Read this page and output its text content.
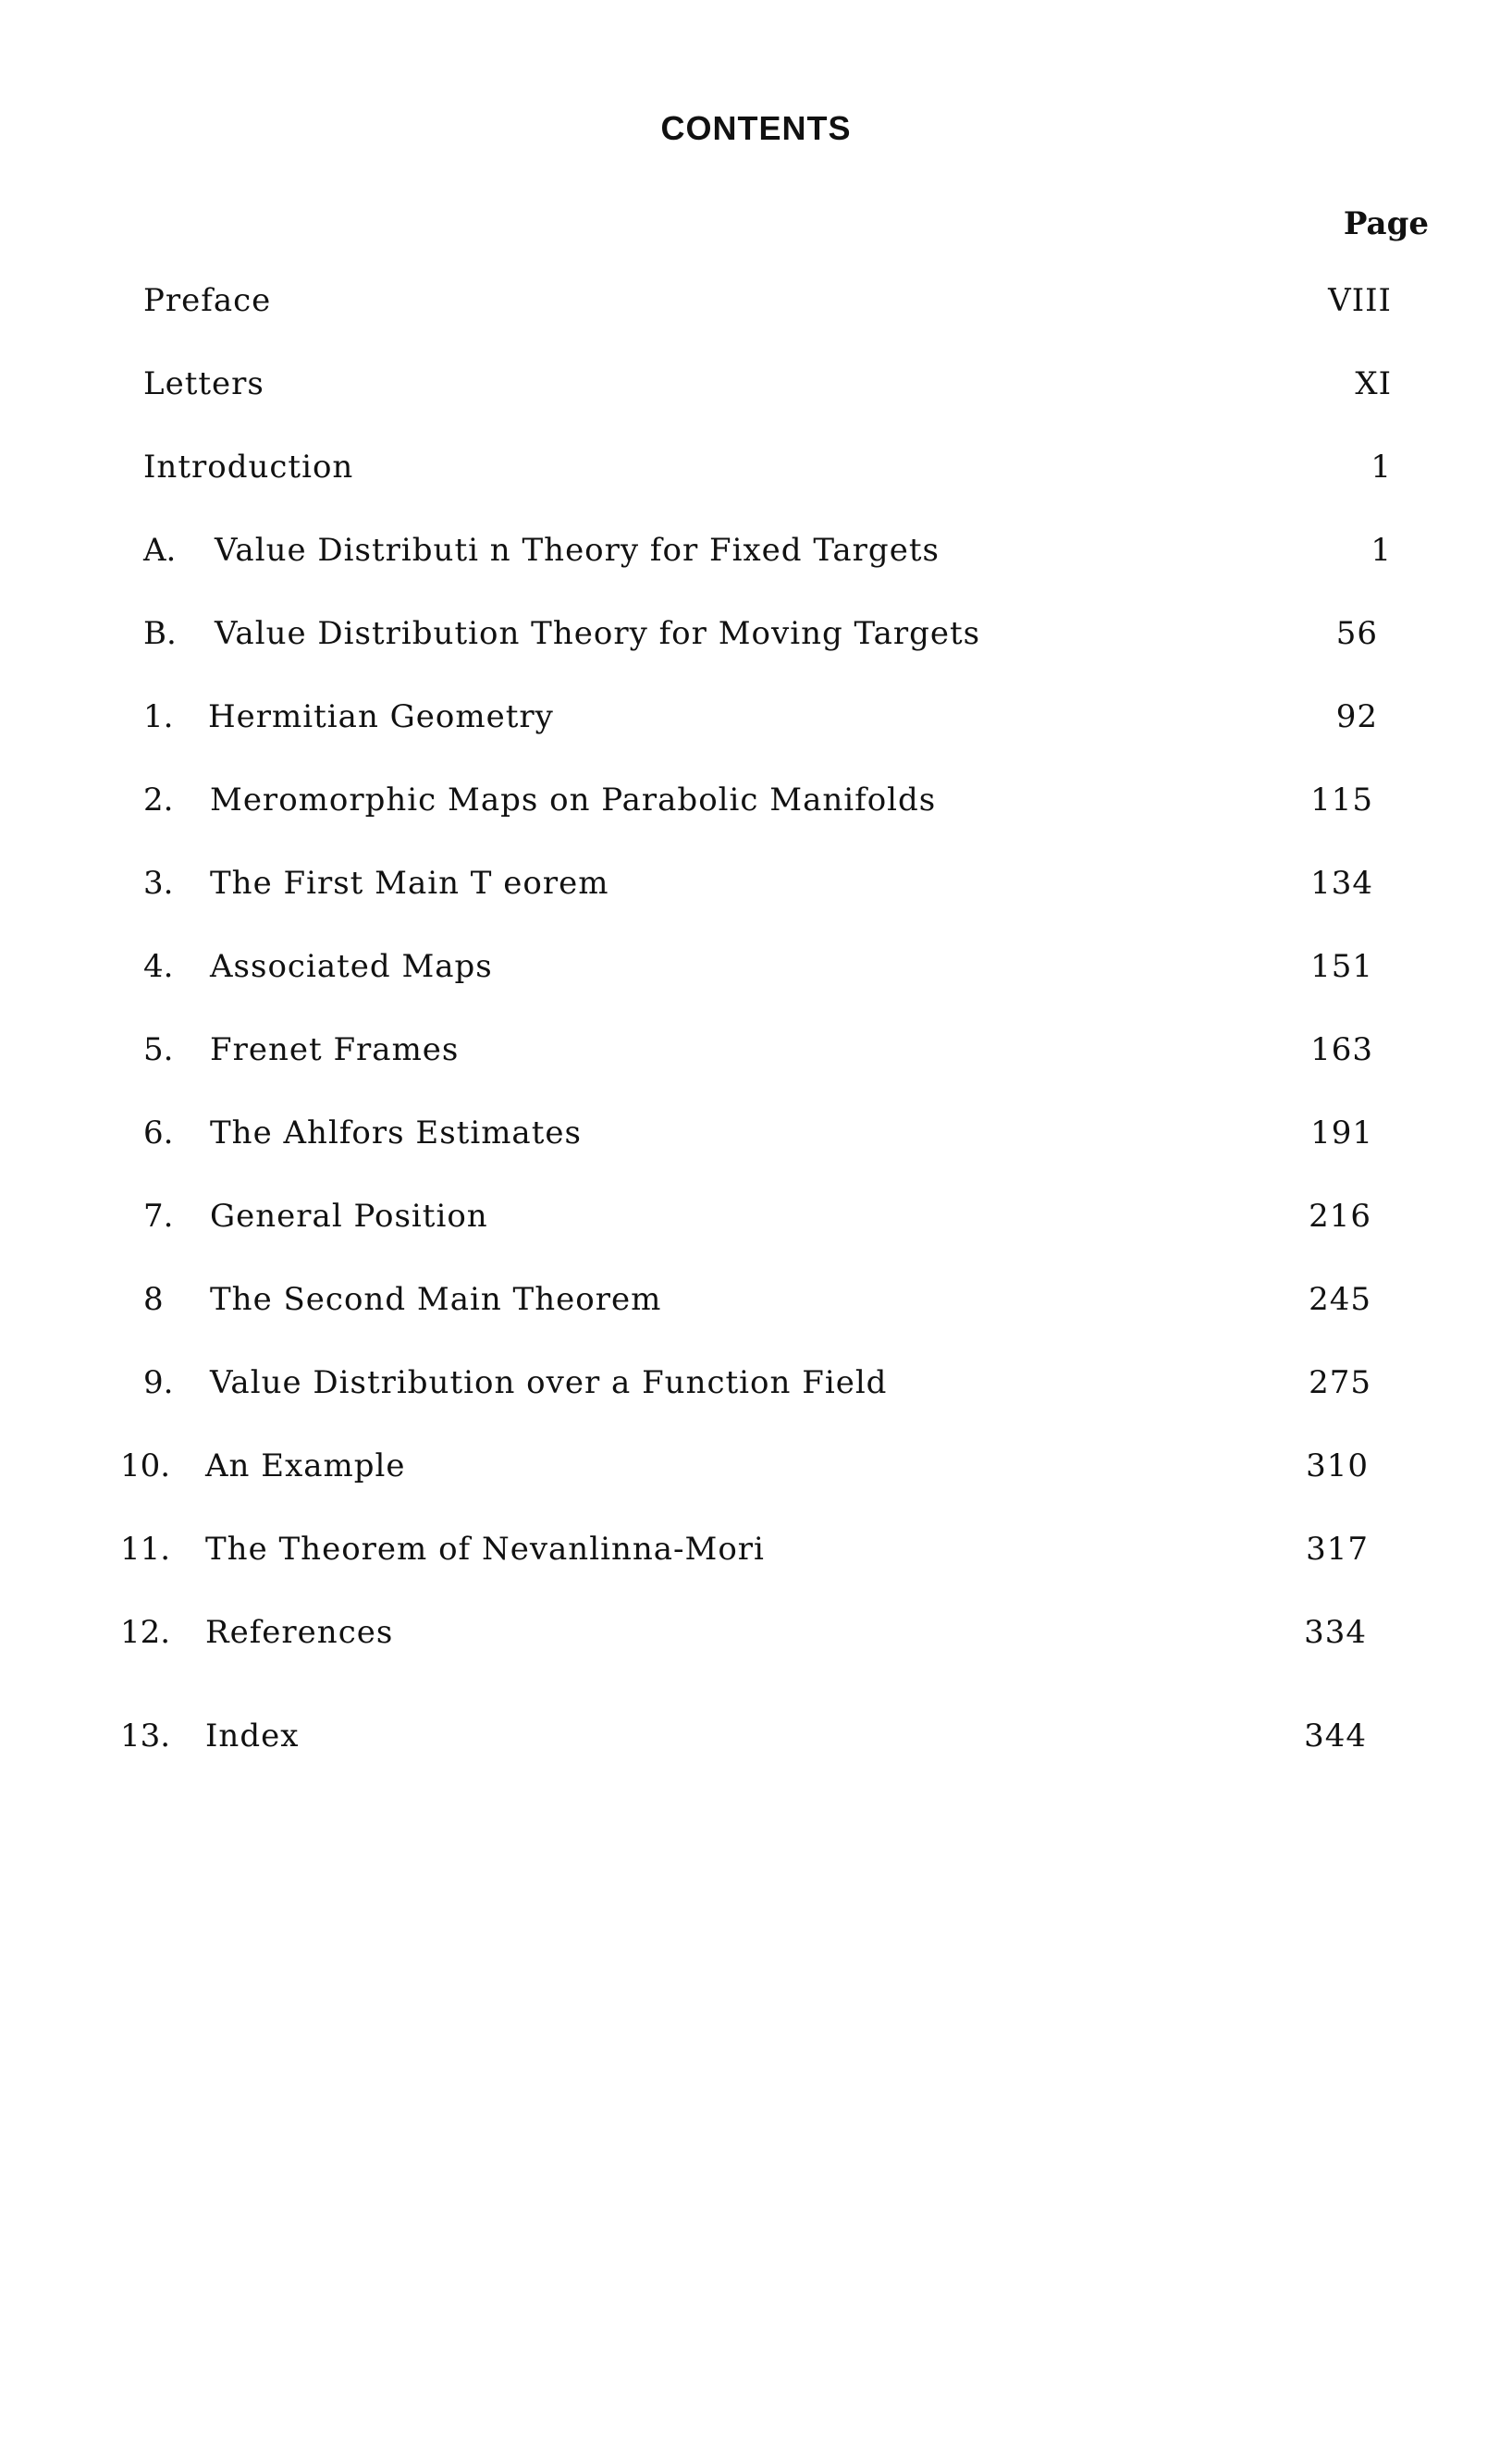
CONTENTS
Page
Preface	VIII
Letters	XI
Introduction	1
A.	Value Distributi n Theory for Fixed Targets	1
B.	Value Distribution Theory for Moving Targets	56
1.	Hermitian Geometry	92
2.	Meromorphic Maps on Parabolic Manifolds	115
3.	The First Main T eorem	134
4.	Associated Maps	151
5.	Frenet Frames	163
6.	The Ahlfors Estimates	191
7.	General Position	216
8	The Second Main Theorem	245
9.	Value Distribution over a Function Field	275
10.	An Example	310
11.	The Theorem of Nevanlinna-Mori	317
12.	References	334
13.	Index	344
